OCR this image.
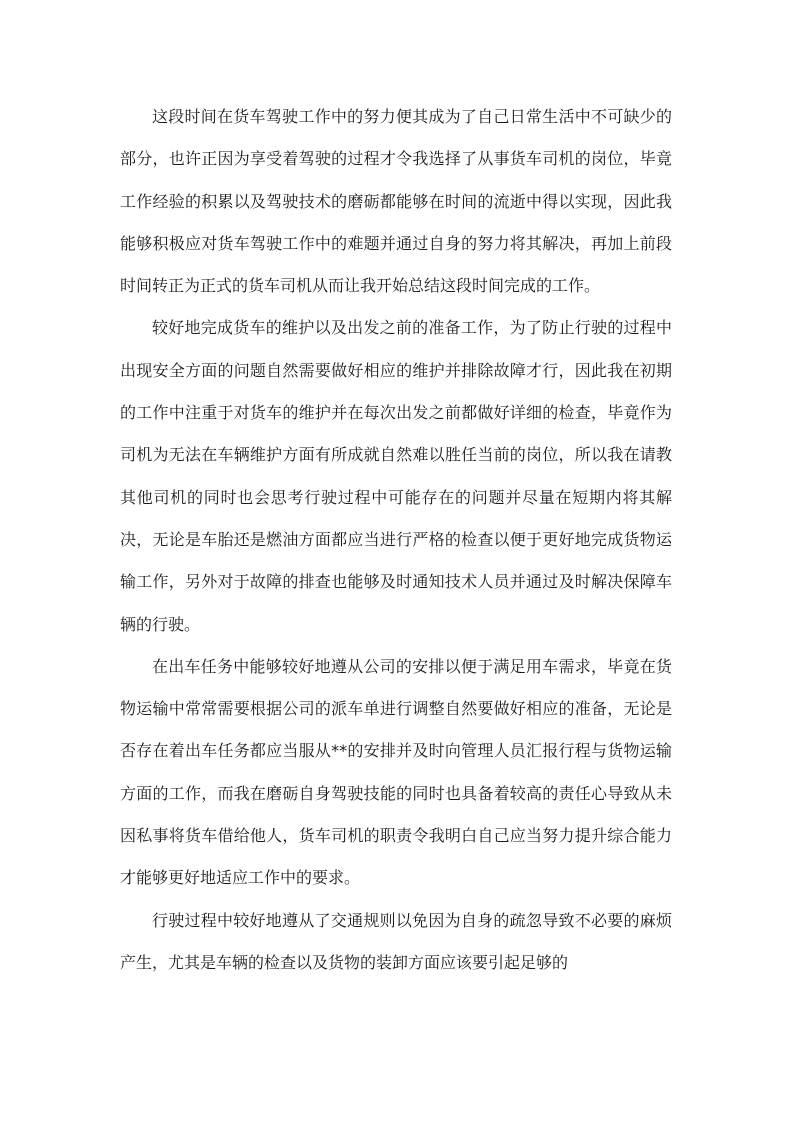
这段时间在货车驾驶工作中的努力便其成为了自己日常生活中不可缺少的部分，也许正因为享受着驾驶的过程才令我选择了从事货车司机的岗位，毕竟工作经验的积累以及驾驶技术的磨砺都能够在时间的流逝中得以实现，因此我能够积极应对货车驾驶工作中的难题并通过自身的努力将其解决，再加上前段时间转正为正式的货车司机从而让我开始总结这段时间完成的工作。

较好地完成货车的维护以及出发之前的准备工作，为了防止行驶的过程中出现安全方面的问题自然需要做好相应的维护并排除故障才行，因此我在初期的工作中注重于对货车的维护并在每次出发之前都做好详细的检查，毕竟作为司机为无法在车辆维护方面有所成就自然难以胜任当前的岗位，所以我在请教其他司机的同时也会思考行驶过程中可能存在的问题并尽量在短期内将其解决，无论是车胎还是燃油方面都应当进行严格的检查以便于更好地完成货物运输工作，另外对于故障的排查也能够及时通知技术人员并通过及时解决保障车辆的行驶。

在出车任务中能够较好地遵从公司的安排以便于满足用车需求，毕竟在货物运输中常常需要根据公司的派车单进行调整自然要做好相应的准备，无论是否存在着出车任务都应当服从**的安排并及时向管理人员汇报行程与货物运输方面的工作，而我在磨砺自身驾驶技能的同时也具备着较高的责任心导致从未因私事将货车借给他人，货车司机的职责令我明白自己应当努力提升综合能力才能够更好地适应工作中的要求。

行驶过程中较好地遵从了交通规则以免因为自身的疏忽导致不必要的麻烦产生，尤其是车辆的检查以及货物的装卸方面应该要引起足够的
